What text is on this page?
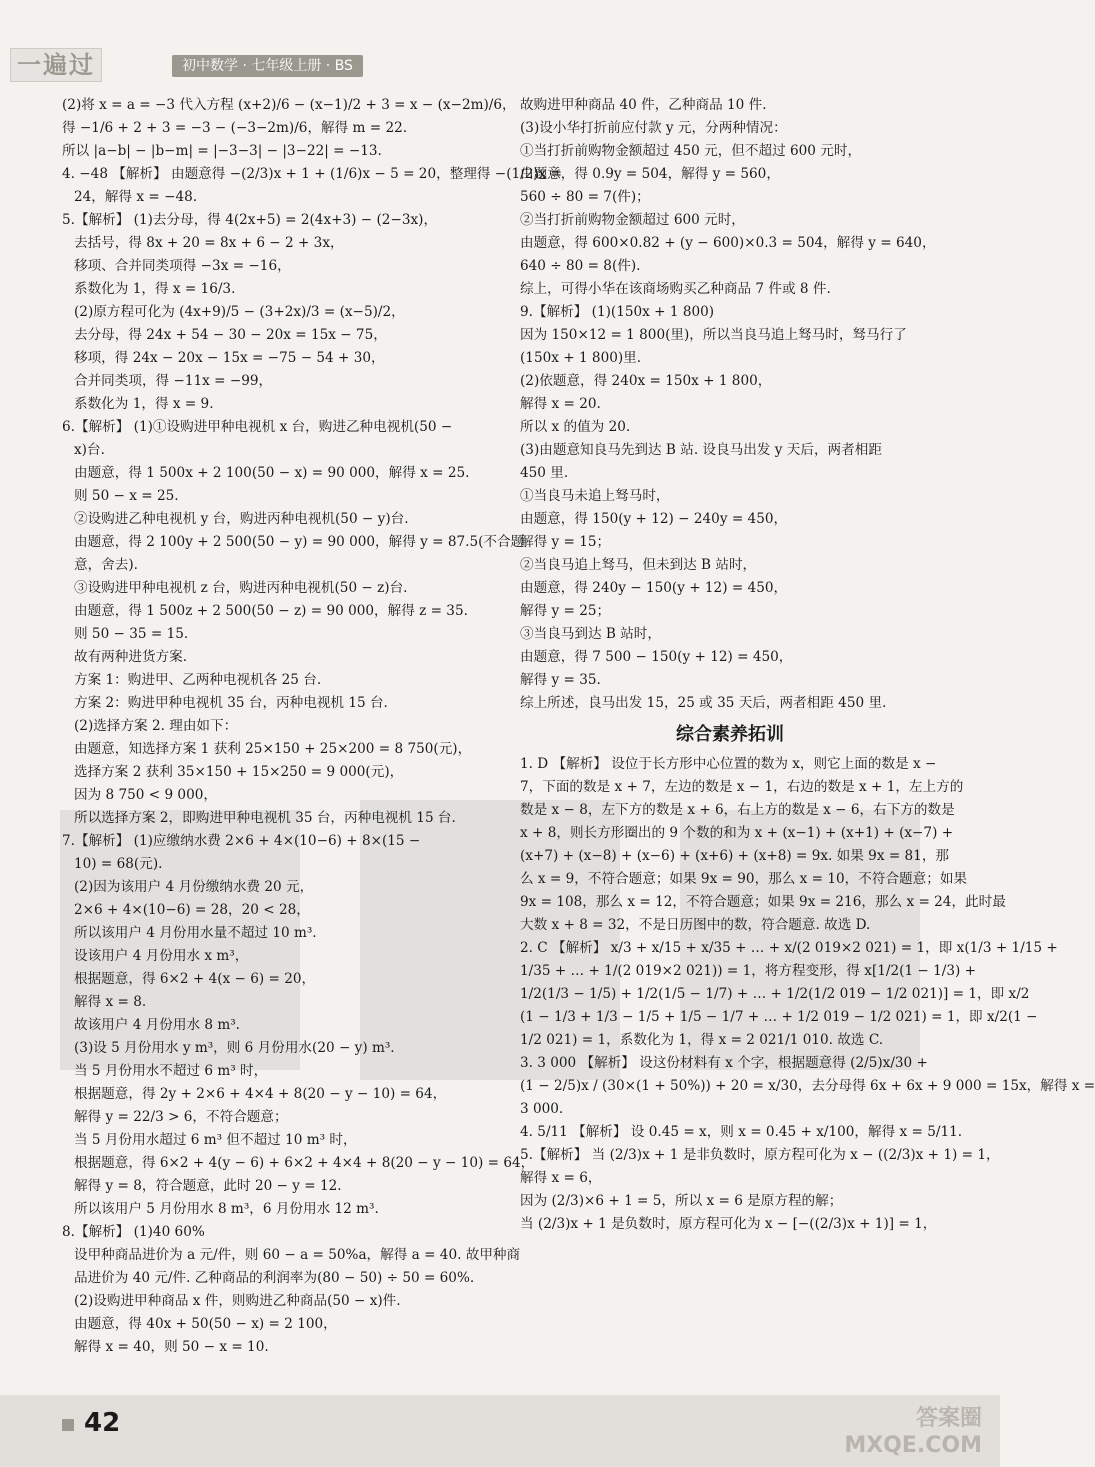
一遍过	初中数学 · 七年级上册 · BS

(2)将 x = a = −3 代入方程 (x+2)/6 − (x−1)/2 + 3 = x − (x−2m)/6，

得 −1/6 + 2 + 3 = −3 − (−3−2m)/6，解得 m = 22.

所以 |a−b| − |b−m| = |−3−3| − |3−22| = −13.

4. −48 【解析】 由题意得 −(2/3)x + 1 + (1/6)x − 5 = 20，整理得 −(1/2)x =

24，解得 x = −48.

5.【解析】 (1)去分母，得 4(2x+5) = 2(4x+3) − (2−3x)，

去括号，得 8x + 20 = 8x + 6 − 2 + 3x，

移项、合并同类项得 −3x = −16，

系数化为 1，得 x = 16/3.

(2)原方程可化为 (4x+9)/5 − (3+2x)/3 = (x−5)/2，

去分母，得 24x + 54 − 30 − 20x = 15x − 75，

移项，得 24x − 20x − 15x = −75 − 54 + 30，

合并同类项，得 −11x = −99，

系数化为 1，得 x = 9.

6.【解析】 (1)①设购进甲种电视机 x 台，购进乙种电视机(50 −

x)台.

由题意，得 1 500x + 2 100(50 − x) = 90 000，解得 x = 25.

则 50 − x = 25.

②设购进乙种电视机 y 台，购进丙种电视机(50 − y)台.

由题意，得 2 100y + 2 500(50 − y) = 90 000，解得 y = 87.5(不合题

意，舍去).

③设购进甲种电视机 z 台，购进丙种电视机(50 − z)台.

由题意，得 1 500z + 2 500(50 − z) = 90 000，解得 z = 35.

则 50 − 35 = 15.

故有两种进货方案.

方案 1：购进甲、乙两种电视机各 25 台.

方案 2：购进甲种电视机 35 台，丙种电视机 15 台.

(2)选择方案 2. 理由如下：

由题意，知选择方案 1 获利 25×150 + 25×200 = 8 750(元)，

选择方案 2 获利 35×150 + 15×250 = 9 000(元)，

因为 8 750 < 9 000，

所以选择方案 2，即购进甲种电视机 35 台，丙种电视机 15 台.

7.【解析】 (1)应缴纳水费 2×6 + 4×(10−6) + 8×(15 −

10) = 68(元).

(2)因为该用户 4 月份缴纳水费 20 元，

2×6 + 4×(10−6) = 28，20 < 28，

所以该用户 4 月份用水量不超过 10 m³.

设该用户 4 月份用水 x m³，

根据题意，得 6×2 + 4(x − 6) = 20，

解得 x = 8.

故该用户 4 月份用水 8 m³.

(3)设 5 月份用水 y m³，则 6 月份用水(20 − y) m³.

当 5 月份用水不超过 6 m³ 时，

根据题意，得 2y + 2×6 + 4×4 + 8(20 − y − 10) = 64，

解得 y = 22/3 > 6，不符合题意；

当 5 月份用水超过 6 m³ 但不超过 10 m³ 时，

根据题意，得 6×2 + 4(y − 6) + 6×2 + 4×4 + 8(20 − y − 10) = 64，

解得 y = 8，符合题意，此时 20 − y = 12.

所以该用户 5 月份用水 8 m³，6 月份用水 12 m³.

8.【解析】 (1)40 60%

设甲种商品进价为 a 元/件，则 60 − a = 50%a，解得 a = 40. 故甲种商

品进价为 40 元/件. 乙种商品的利润率为(80 − 50) ÷ 50 = 60%.

(2)设购进甲种商品 x 件，则购进乙种商品(50 − x)件.

由题意，得 40x + 50(50 − x) = 2 100，

解得 x = 40，则 50 − x = 10.

故购进甲种商品 40 件，乙种商品 10 件.

(3)设小华打折前应付款 y 元，分两种情况：

①当打折前购物金额超过 450 元，但不超过 600 元时，

由题意，得 0.9y = 504，解得 y = 560，

560 ÷ 80 = 7(件)；

②当打折前购物金额超过 600 元时，

由题意，得 600×0.82 + (y − 600)×0.3 = 504，解得 y = 640，

640 ÷ 80 = 8(件).

综上，可得小华在该商场购买乙种商品 7 件或 8 件.

9.【解析】 (1)(150x + 1 800)

因为 150×12 = 1 800(里)，所以当良马追上驽马时，驽马行了

(150x + 1 800)里.

(2)依题意，得 240x = 150x + 1 800，

解得 x = 20.

所以 x 的值为 20.

(3)由题意知良马先到达 B 站. 设良马出发 y 天后，两者相距

450 里.

①当良马未追上驽马时，

由题意，得 150(y + 12) − 240y = 450，

解得 y = 15；

②当良马追上驽马，但未到达 B 站时，

由题意，得 240y − 150(y + 12) = 450，

解得 y = 25；

③当良马到达 B 站时，

由题意，得 7 500 − 150(y + 12) = 450，

解得 y = 35.

综上所述，良马出发 15，25 或 35 天后，两者相距 450 里.

综合素养拓训

1. D 【解析】 设位于长方形中心位置的数为 x，则它上面的数是 x −

7，下面的数是 x + 7，左边的数是 x − 1，右边的数是 x + 1，左上方的

数是 x − 8，左下方的数是 x + 6，右上方的数是 x − 6，右下方的数是

x + 8，则长方形圈出的 9 个数的和为 x + (x−1) + (x+1) + (x−7) +

(x+7) + (x−8) + (x−6) + (x+6) + (x+8) = 9x. 如果 9x = 81，那

么 x = 9，不符合题意；如果 9x = 90，那么 x = 10，不符合题意；如果

9x = 108，那么 x = 12，不符合题意；如果 9x = 216，那么 x = 24，此时最

大数 x + 8 = 32，不是日历图中的数，符合题意. 故选 D.

2. C 【解析】 x/3 + x/15 + x/35 + … + x/(2 019×2 021) = 1，即 x(1/3 + 1/15 +

1/35 + … + 1/(2 019×2 021)) = 1，将方程变形，得 x[1/2(1 − 1/3) +

1/2(1/3 − 1/5) + 1/2(1/5 − 1/7) + … + 1/2(1/2 019 − 1/2 021)] = 1，即 x/2

(1 − 1/3 + 1/3 − 1/5 + 1/5 − 1/7 + … + 1/2 019 − 1/2 021) = 1，即 x/2(1 −

1/2 021) = 1，系数化为 1，得 x = 2 021/1 010. 故选 C.

3. 3 000 【解析】 设这份材料有 x 个字，根据题意得 (2/5)x/30 +

(1 − 2/5)x / (30×(1 + 50%)) + 20 = x/30，去分母得 6x + 6x + 9 000 = 15x，解得 x =

3 000.

4. 5/11 【解析】 设 0.4̇5̇ = x，则 x = 0.45 + x/100，解得 x = 5/11.

5.【解析】 当 (2/3)x + 1 是非负数时，原方程可化为 x − ((2/3)x + 1) = 1，

解得 x = 6，

因为 (2/3)×6 + 1 = 5，所以 x = 6 是原方程的解；

当 (2/3)x + 1 是负数时，原方程可化为 x − [−((2/3)x + 1)] = 1，

42	答案圈
MXQE.COM
